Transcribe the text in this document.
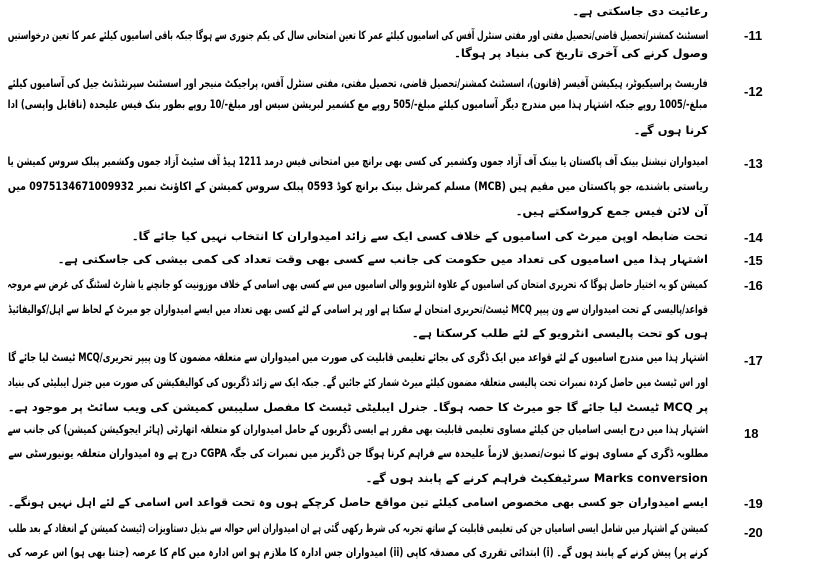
رعائیت دی جاسکتی ہے۔
-11
اسسٹنٹ کمشنر/تحصیل قاضی/تحصیل مفتی اور مفتی سنٹرل آفس کی اسامیوں کیلئے عمر کا تعین امتحانی سال کی یکم جنوری سے ہوگا جبکہ باقی اسامیوں کیلئے عمر کا تعین درخواستیں
وصول کرنے کی آخری تاریخ کی بنیاد پر ہوگا۔
-12
فاریسٹ پراسیکیوٹر، ہیکیشن آفیسر (قانون)، اسسٹنٹ کمشنر/تحصیل قاضی، تحصیل مفتی، مفتی سنٹرل آفس، پراجیکٹ منیجر اور اسسٹنٹ سپرنٹنڈنٹ جیل کی آسامیوں کیلئے
مبلغ-/1005 روپے جبکہ اشتہار ہذا میں مندرج دیگر آسامیوں کیلئے مبلغ-/505 روپے مع کشمیر لبریشن سیس اور مبلغ-/10 روپے بطور بنک فیس علیحدہ (ناقابل واپسی) ادا
کرنا ہوں گے۔
-13
امیدواران نیشنل بینک آف پاکستان یا بینک آف آزاد جموں وکشمیر کی کسی بھی برانچ میں امتحانی فیس درمد 1211 ہیڈ آف سٹیٹ آزاد جموں وکشمیر پبلک سروس کمیشن یا
ریاستی باشندے، جو پاکستان میں مقیم ہیں (MCB) مسلم کمرشل بینک برانچ کوڈ 0593 پبلک سروس کمیشن کے اکاؤنٹ نمبر 0975134671009932 میں
آن لائن فیس جمع کرواسکتے ہیں۔
-14
تحت ضابطہ اوپن میرٹ کی اسامیوں کے خلاف کسی ایک سے زائد امیدواران کا انتخاب نہیں کیا جائے گا۔
-15
اشتہار ہذا میں اسامیوں کی تعداد میں حکومت کی جانب سے کسی بھی وقت تعداد کی کمی بیشی کی جاسکتی ہے۔
-16
کمیشن کو یہ اختیار حاصل ہوگا کہ تحریری امتحان کی اسامیوں کے علاوہ انٹرویو والی اسامیوں میں سے کسی بھی اسامی کے خلاف موزونیت کو جانچنے یا شارٹ لسٹنگ کی غرض سے مروجہ
قواعد/پالیسی کے تحت امیدواران سے ون پیپر MCQ ٹیسٹ/تحریری امتحان لے سکتا ہے اور ہر اسامی کے لئے کسی بھی تعداد میں ایسے امیدواران جو میرٹ کے لحاظ سے اہل/کوالیفائیڈ
ہوں کو تحت پالیسی انٹرویو کے لئے طلب کرسکتا ہے۔
-17
اشتہار ہذا میں مندرج اسامیوں کے لئے قواعد میں ایک ڈگری کی بجائے تعلیمی قابلیت کی صورت میں امیدواران سے متعلقہ مضمون کا ون پیپر تحریری/MCQ ٹیسٹ لیا جائے گا
اور اس ٹیسٹ میں حاصل کردہ نمبرات تحت پالیسی متعلقہ مضمون کیلئے میرٹ شمار کئے جائیں گے۔ جبکہ ایک سے زائد ڈگریوں کی کوالیفکیشن کی صورت میں جنرل ایبلیٹی کی بنیاد
پر MCQ ٹیسٹ لیا جائے گا جو میرٹ کا حصہ ہوگا۔ جنرل ایبلیٹی ٹیسٹ کا مفصل سلیبس کمیشن کی ویب سائٹ پر موجود ہے۔
18
اشتہار ہذا میں درج ایسی اسامیاں جن کیلئے مساوی تعلیمی قابلیت بھی مقرر ہے ایسی ڈگریوں کے حامل امیدواران کو متعلقہ اتھارٹی (ہائر ایجوکیشن کمیشن) کی جانب سے
مطلوبہ ڈگری کے مساوی ہونے کا ثبوت/تصدیق لازماً علیحدہ سے فراہم کرنا ہوگا جن ڈگریز میں نمبرات کی جگہ CGPA درج ہے وہ امیدواران متعلقہ یونیورسٹی سے
Marks conversion سرٹیفکیٹ فراہم کرنے کے پابند ہوں گے۔
-19
ایسے امیدواران جو کسی بھی مخصوص اسامی کیلئے تین مواقع حاصل کرچکے ہوں وہ تحت قواعد اس اسامی کے لئے اہل نہیں ہونگے۔
-20
کمیشن کے اشتہار میں شامل ایسی اسامیاں جن کی تعلیمی قابلیت کے ساتھ تجربہ کی شرط رکھی گئی ہے ان امیدواران اس حوالہ سے بذیل دستاویزات (ٹیسٹ کمیشن کے انعقاد کے بعد طلب
کرنے پر) پیش کرنے کے پابند ہوں گے۔ (i) ابتدائی تقرری کی مصدقہ کاپی (ii) امیدواران جس ادارہ کا ملازم ہو اس ادارہ میں کام کا عرصہ (جتنا بھی ہو) اس عرصہ کی
